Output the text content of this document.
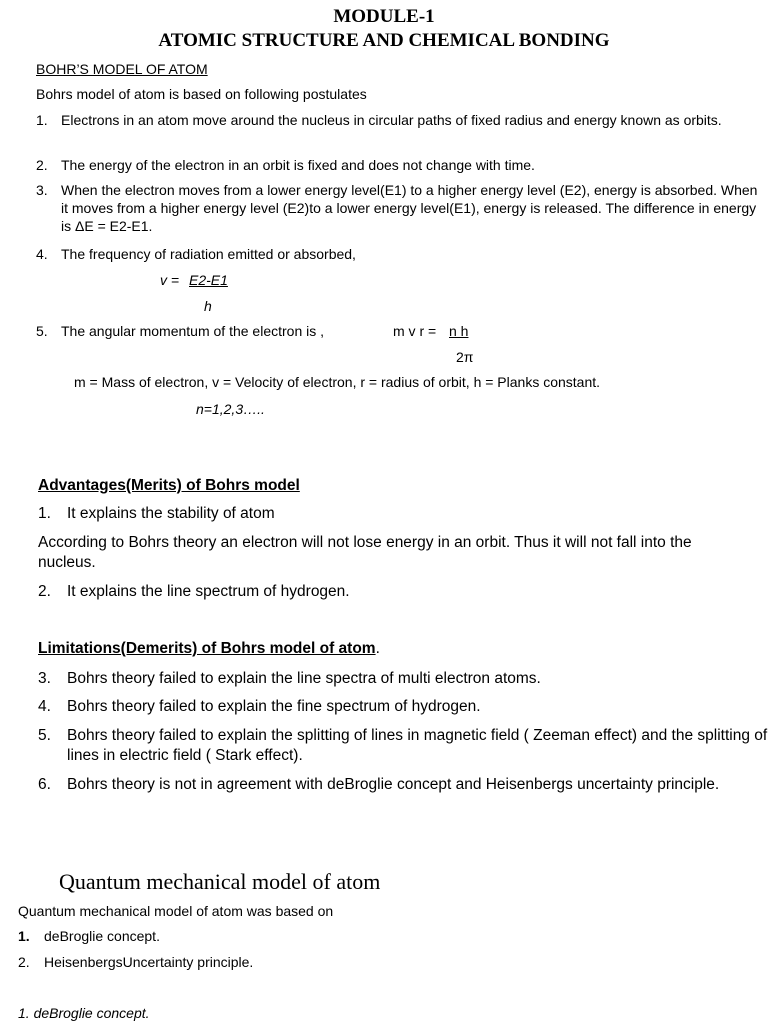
MODULE-1
ATOMIC STRUCTURE AND CHEMICAL BONDING
BOHR’S MODEL OF ATOM
Bohrs model of atom is based on following postulates
1. Electrons in an atom move around the nucleus in circular paths of fixed radius and energy known as orbits.
2. The energy of the electron in an orbit is fixed and does not change with time.
3. When the electron moves from a lower energy level(E1) to a higher energy level (E2), energy is absorbed. When it moves from a higher energy level (E2)to a lower energy level(E1), energy is released. The difference in energy is ΔE = E2-E1.
4. The frequency of radiation emitted or absorbed,
v = E2-E1
h
5. The angular momentum of the electron is ,	m v r = n h
2π
m = Mass of electron, v = Velocity of electron, r = radius of orbit, h = Planks constant.
n=1,2,3…..
Advantages(Merits) of Bohrs model
1. It explains the stability of atom
According to Bohrs theory an electron will not lose energy in an orbit. Thus it will not fall into the nucleus.
2. It explains the line spectrum of hydrogen.
Limitations(Demerits) of Bohrs model of atom.
3. Bohrs theory failed to explain the line spectra of multi electron atoms.
4. Bohrs theory failed to explain the fine spectrum of hydrogen.
5. Bohrs theory failed to explain the splitting of lines in magnetic field ( Zeeman effect) and the splitting of lines in electric field ( Stark effect).
6. Bohrs theory is not in agreement with deBroglie concept and Heisenbergs uncertainty principle.
Quantum mechanical model of atom
Quantum mechanical model of atom was based on
1. deBroglie concept.
2. HeisenbergsUncertainty principle.
1. deBroglie concept.
